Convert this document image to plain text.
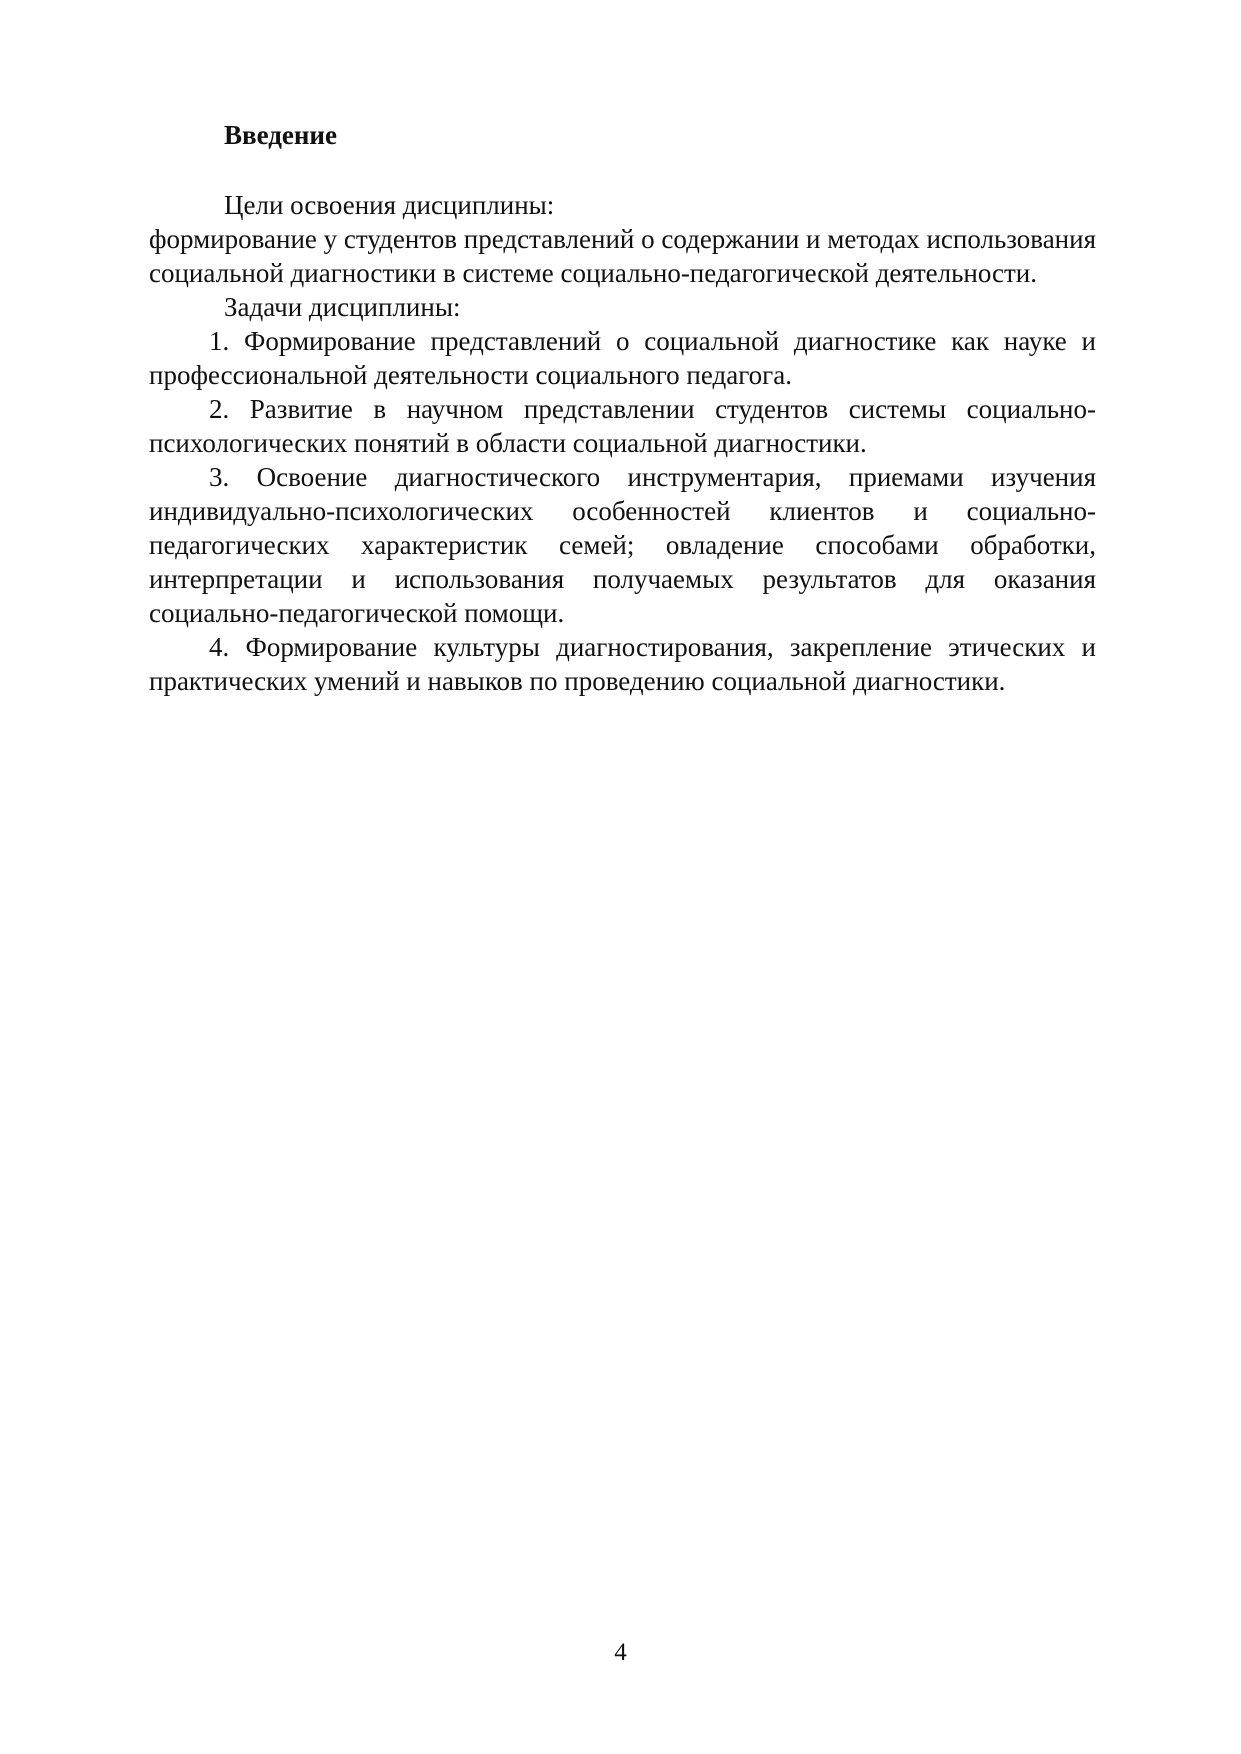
Введение

Цели освоения дисциплины:

формирование у студентов представлений о содержании и методах использования социальной диагностики в системе социально-педагогической деятельности.

Задачи дисциплины:

1. Формирование представлений о социальной диагностике как науке и профессиональной деятельности социального педагога.

2. Развитие в научном представлении студентов системы социально-психологических понятий в области социальной диагностики.

3. Освоение диагностического инструментария, приемами изучения индивидуально-психологических особенностей клиентов и социально-педагогических характеристик семей; овладение способами обработки, интерпретации и использования получаемых результатов для оказания социально-педагогической помощи.

4. Формирование культуры диагностирования, закрепление этических и практических умений и навыков по проведению социальной диагностики.

4
